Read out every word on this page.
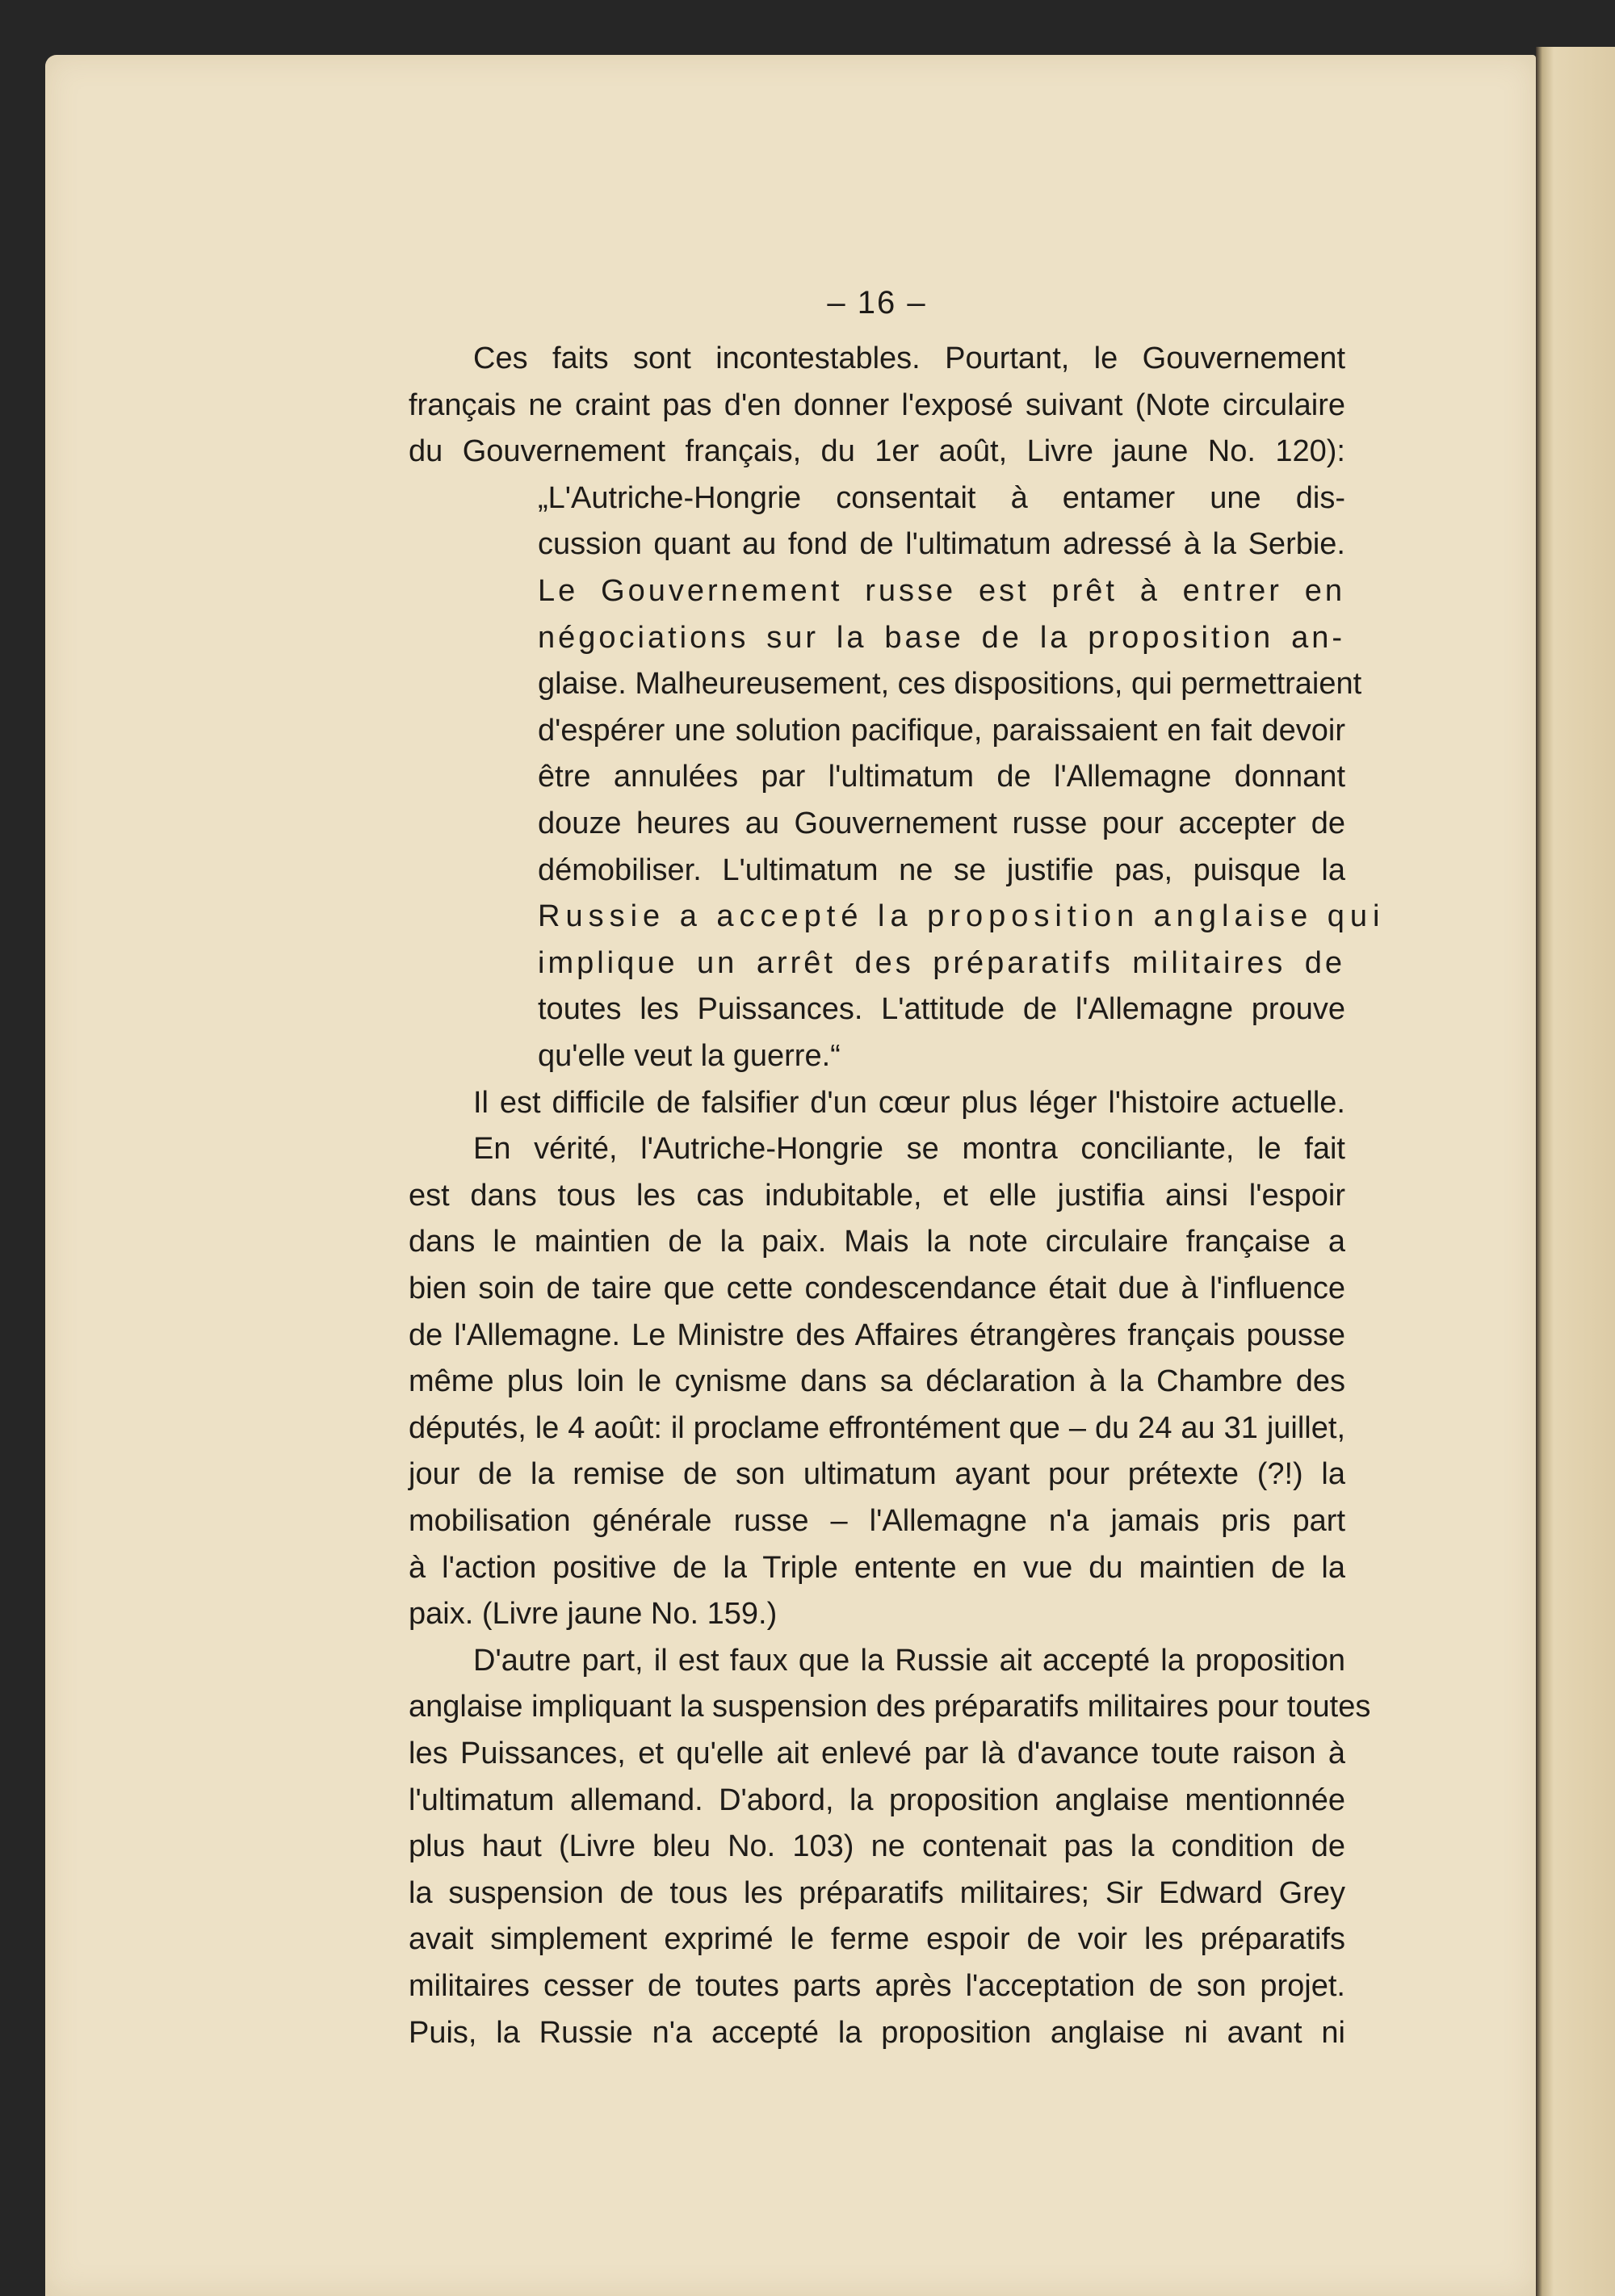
– 16 –
Ces faits sont incontestables. Pourtant, le Gouvernement
français ne craint pas d'en donner l'exposé suivant (Note circulaire
du Gouvernement français, du 1er août, Livre jaune No. 120):
„L'Autriche-Hongrie consentait à entamer une dis-
cussion quant au fond de l'ultimatum adressé à la Serbie.
Le Gouvernement russe est prêt à entrer en
négociations sur la base de la proposition an-
glaise. Malheureusement, ces dispositions, qui permettraient
d'espérer une solution pacifique, paraissaient en fait devoir
être annulées par l'ultimatum de l'Allemagne donnant
douze heures au Gouvernement russe pour accepter de
démobiliser. L'ultimatum ne se justifie pas, puisque la
Russie a accepté la proposition anglaise qui
implique un arrêt des préparatifs militaires de
toutes les Puissances. L'attitude de l'Allemagne prouve
qu'elle veut la guerre.“
Il est difficile de falsifier d'un cœur plus léger l'histoire actuelle.
En vérité, l'Autriche-Hongrie se montra conciliante, le fait
est dans tous les cas indubitable, et elle justifia ainsi l'espoir
dans le maintien de la paix. Mais la note circulaire française a
bien soin de taire que cette condescendance était due à l'influence
de l'Allemagne. Le Ministre des Affaires étrangères français pousse
même plus loin le cynisme dans sa déclaration à la Chambre des
députés, le 4 août: il proclame effrontément que – du 24 au 31 juillet,
jour de la remise de son ultimatum ayant pour prétexte (?!) la
mobilisation générale russe – l'Allemagne n'a jamais pris part
à l'action positive de la Triple entente en vue du maintien de la
paix. (Livre jaune No. 159.)
D'autre part, il est faux que la Russie ait accepté la proposition
anglaise impliquant la suspension des préparatifs militaires pour toutes
les Puissances, et qu'elle ait enlevé par là d'avance toute raison à
l'ultimatum allemand. D'abord, la proposition anglaise mentionnée
plus haut (Livre bleu No. 103) ne contenait pas la condition de
la suspension de tous les préparatifs militaires; Sir Edward Grey
avait simplement exprimé le ferme espoir de voir les préparatifs
militaires cesser de toutes parts après l'acceptation de son projet.
Puis, la Russie n'a accepté la proposition anglaise ni avant ni
